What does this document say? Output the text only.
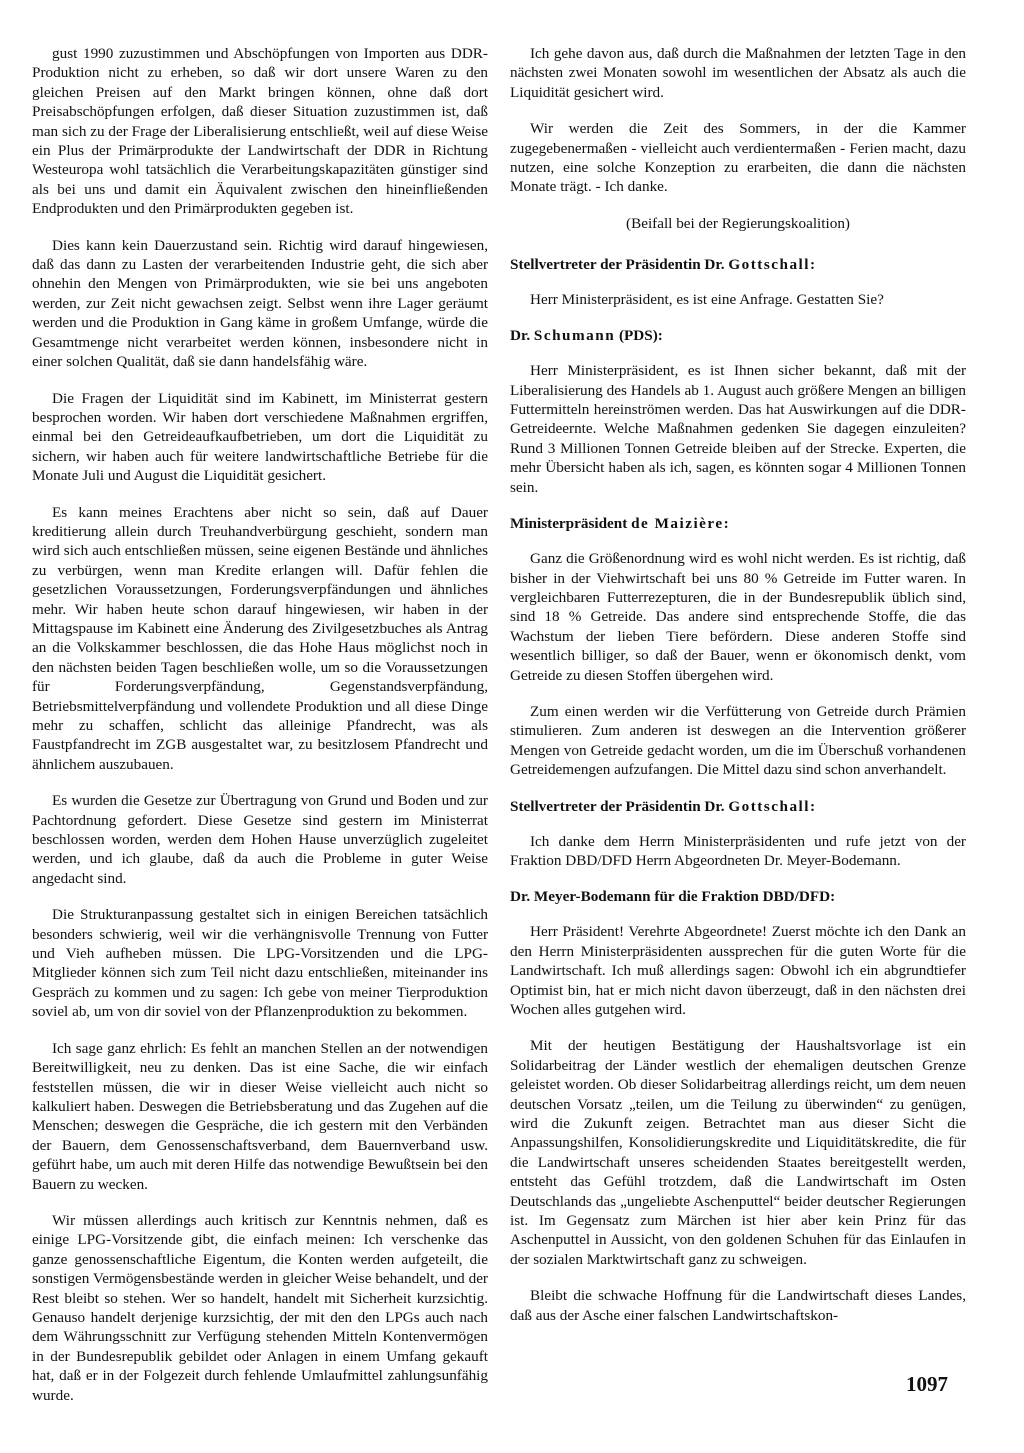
gust 1990 zuzustimmen und Abschöpfungen von Importen aus DDR-Produktion nicht zu erheben, so daß wir dort unsere Waren zu den gleichen Preisen auf den Markt bringen können, ohne daß dort Preisabschöpfungen erfolgen, daß dieser Situation zuzustimmen ist, daß man sich zu der Frage der Liberalisierung entschließt, weil auf diese Weise ein Plus der Primärprodukte der Landwirtschaft der DDR in Richtung Westeuropa wohl tatsächlich die Verarbeitungskapazitäten günstiger sind als bei uns und damit ein Äquivalent zwischen den hineinfließenden Endprodukten und den Primärprodukten gegeben ist.

Dies kann kein Dauerzustand sein. Richtig wird darauf hingewiesen, daß das dann zu Lasten der verarbeitenden Industrie geht, die sich aber ohnehin den Mengen von Primärprodukten, wie sie bei uns angeboten werden, zur Zeit nicht gewachsen zeigt. Selbst wenn ihre Lager geräumt werden und die Produktion in Gang käme in großem Umfange, würde die Gesamtmenge nicht verarbeitet werden können, insbesondere nicht in einer solchen Qualität, daß sie dann handelsfähig wäre.

Die Fragen der Liquidität sind im Kabinett, im Ministerrat gestern besprochen worden. Wir haben dort verschiedene Maßnahmen ergriffen, einmal bei den Getreideaufkaufbetrieben, um dort die Liquidität zu sichern, wir haben auch für weitere landwirtschaftliche Betriebe für die Monate Juli und August die Liquidität gesichert.

Es kann meines Erachtens aber nicht so sein, daß auf Dauer kreditierung allein durch Treuhandverbürgung geschieht, sondern man wird sich auch entschließen müssen, seine eigenen Bestände und ähnliches zu verbürgen, wenn man Kredite erlangen will. Dafür fehlen die gesetzlichen Voraussetzungen, Forderungsverpfändungen und ähnliches mehr. Wir haben heute schon darauf hingewiesen, wir haben in der Mittagspause im Kabinett eine Änderung des Zivilgesetzbuches als Antrag an die Volkskammer beschlossen, die das Hohe Haus möglichst noch in den nächsten beiden Tagen beschließen wolle, um so die Voraussetzungen für Forderungsverpfändung, Gegenstandsverpfändung, Betriebsmittelverpfändung und vollendete Produktion und all diese Dinge mehr zu schaffen, schlicht das alleinige Pfandrecht, was als Faustpfandrecht im ZGB ausgestaltet war, zu besitzlosem Pfandrecht und ähnlichem auszubauen.

Es wurden die Gesetze zur Übertragung von Grund und Boden und zur Pachtordnung gefordert. Diese Gesetze sind gestern im Ministerrat beschlossen worden, werden dem Hohen Hause unverzüglich zugeleitet werden, und ich glaube, daß da auch die Probleme in guter Weise angedacht sind.

Die Strukturanpassung gestaltet sich in einigen Bereichen tatsächlich besonders schwierig, weil wir die verhängnisvolle Trennung von Futter und Vieh aufheben müssen. Die LPG-Vorsitzenden und die LPG-Mitglieder können sich zum Teil nicht dazu entschließen, miteinander ins Gespräch zu kommen und zu sagen: Ich gebe von meiner Tierproduktion soviel ab, um von dir soviel von der Pflanzenproduktion zu bekommen.

Ich sage ganz ehrlich: Es fehlt an manchen Stellen an der notwendigen Bereitwilligkeit, neu zu denken. Das ist eine Sache, die wir einfach feststellen müssen, die wir in dieser Weise vielleicht auch nicht so kalkuliert haben. Deswegen die Betriebsberatung und das Zugehen auf die Menschen; deswegen die Gespräche, die ich gestern mit den Verbänden der Bauern, dem Genossenschaftsverband, dem Bauernverband usw. geführt habe, um auch mit deren Hilfe das notwendige Bewußtsein bei den Bauern zu wecken.

Wir müssen allerdings auch kritisch zur Kenntnis nehmen, daß es einige LPG-Vorsitzende gibt, die einfach meinen: Ich verschenke das ganze genossenschaftliche Eigentum, die Konten werden aufgeteilt, die sonstigen Vermögensbestände werden in gleicher Weise behandelt, und der Rest bleibt so stehen. Wer so handelt, handelt mit Sicherheit kurzsichtig. Genauso handelt derjenige kurzsichtig, der mit den den LPGs auch nach dem Währungsschnitt zur Verfügung stehenden Mitteln Kontenvermögen in der Bundesrepublik gebildet oder Anlagen in einem Umfang gekauft hat, daß er in der Folgezeit durch fehlende Umlaufmittel zahlungsunfähig wurde.

Ich gehe davon aus, daß durch die Maßnahmen der letzten Tage in den nächsten zwei Monaten sowohl im wesentlichen der Absatz als auch die Liquidität gesichert wird.

Wir werden die Zeit des Sommers, in der die Kammer zugegebenermaßen - vielleicht auch verdientermaßen - Ferien macht, dazu nutzen, eine solche Konzeption zu erarbeiten, die dann die nächsten Monate trägt. - Ich danke.

(Beifall bei der Regierungskoalition)
Stellvertreter der Präsidentin Dr. Gottschall:

Herr Ministerpräsident, es ist eine Anfrage. Gestatten Sie?

Dr. Schumann (PDS):

Herr Ministerpräsident, es ist Ihnen sicher bekannt, daß mit der Liberalisierung des Handels ab 1. August auch größere Mengen an billigen Futtermitteln hereinströmen werden. Das hat Auswirkungen auf die DDR-Getreideernte. Welche Maßnahmen gedenken Sie dagegen einzuleiten? Rund 3 Millionen Tonnen Getreide bleiben auf der Strecke. Experten, die mehr Übersicht haben als ich, sagen, es könnten sogar 4 Millionen Tonnen sein.

Ministerpräsident de Maizière:

Ganz die Größenordnung wird es wohl nicht werden. Es ist richtig, daß bisher in der Viehwirtschaft bei uns 80 % Getreide im Futter waren. In vergleichbaren Futterrezepturen, die in der Bundesrepublik üblich sind, sind 18 % Getreide. Das andere sind entsprechende Stoffe, die das Wachstum der lieben Tiere befördern. Diese anderen Stoffe sind wesentlich billiger, so daß der Bauer, wenn er ökonomisch denkt, vom Getreide zu diesen Stoffen übergehen wird.

Zum einen werden wir die Verfütterung von Getreide durch Prämien stimulieren. Zum anderen ist deswegen an die Intervention größerer Mengen von Getreide gedacht worden, um die im Überschuß vorhandenen Getreidemengen aufzufangen. Die Mittel dazu sind schon anverhandelt.

Stellvertreter der Präsidentin Dr. Gottschall:

Ich danke dem Herrn Ministerpräsidenten und rufe jetzt von der Fraktion DBD/DFD Herrn Abgeordneten Dr. Meyer-Bodemann.

Dr. Meyer-Bodemann für die Fraktion DBD/DFD:

Herr Präsident! Verehrte Abgeordnete! Zuerst möchte ich den Dank an den Herrn Ministerpräsidenten aussprechen für die guten Worte für die Landwirtschaft. Ich muß allerdings sagen: Obwohl ich ein abgrundtiefer Optimist bin, hat er mich nicht davon überzeugt, daß in den nächsten drei Wochen alles gutgehen wird.

Mit der heutigen Bestätigung der Haushaltsvorlage ist ein Solidarbeitrag der Länder westlich der ehemaligen deutschen Grenze geleistet worden. Ob dieser Solidarbeitrag allerdings reicht, um dem neuen deutschen Vorsatz „teilen, um die Teilung zu überwinden“ zu genügen, wird die Zukunft zeigen. Betrachtet man aus dieser Sicht die Anpassungshilfen, Konsolidierungskredite und Liquiditätskredite, die für die Landwirtschaft unseres scheidenden Staates bereitgestellt werden, entsteht das Gefühl trotzdem, daß die Landwirtschaft im Osten Deutschlands das „ungeliebte Aschenputtel“ beider deutscher Regierungen ist. Im Gegensatz zum Märchen ist hier aber kein Prinz für das Aschenputtel in Aussicht, von den goldenen Schuhen für das Einlaufen in der sozialen Marktwirtschaft ganz zu schweigen.

Bleibt die schwache Hoffnung für die Landwirtschaft dieses Landes, daß aus der Asche einer falschen Landwirtschaftskon-

1097
